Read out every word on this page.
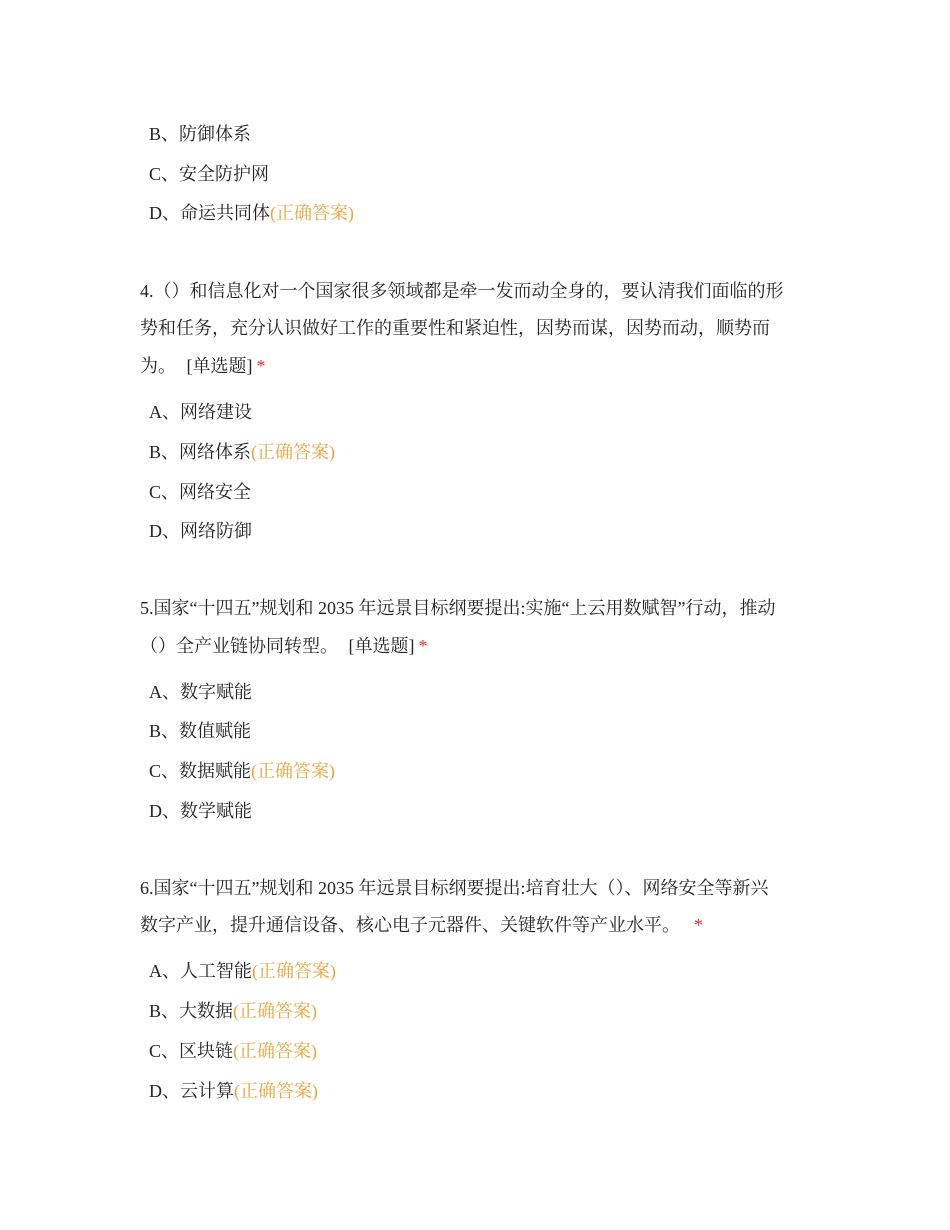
B、防御体系
C、安全防护网
D、命运共同体(正确答案)
4.（）和信息化对一个国家很多领域都是牵一发而动全身的，要认清我们面临的形
势和任务，充分认识做好工作的重要性和紧迫性，因势而谋，因势而动，顺势而
为。 [单选题] *
A、网络建设
B、网络体系(正确答案)
C、网络安全
D、网络防御
5.国家“十四五”规划和 2035 年远景目标纲要提出:实施“上云用数赋智”行动，推动
（）全产业链协同转型。 [单选题] *
A、数字赋能
B、数值赋能
C、数据赋能(正确答案)
D、数学赋能
6.国家“十四五”规划和 2035 年远景目标纲要提出:培育壮大（）、网络安全等新兴
数字产业，提升通信设备、核心电子元器件、关键软件等产业水平。 *
A、人工智能(正确答案)
B、大数据(正确答案)
C、区块链(正确答案)
D、云计算(正确答案)
